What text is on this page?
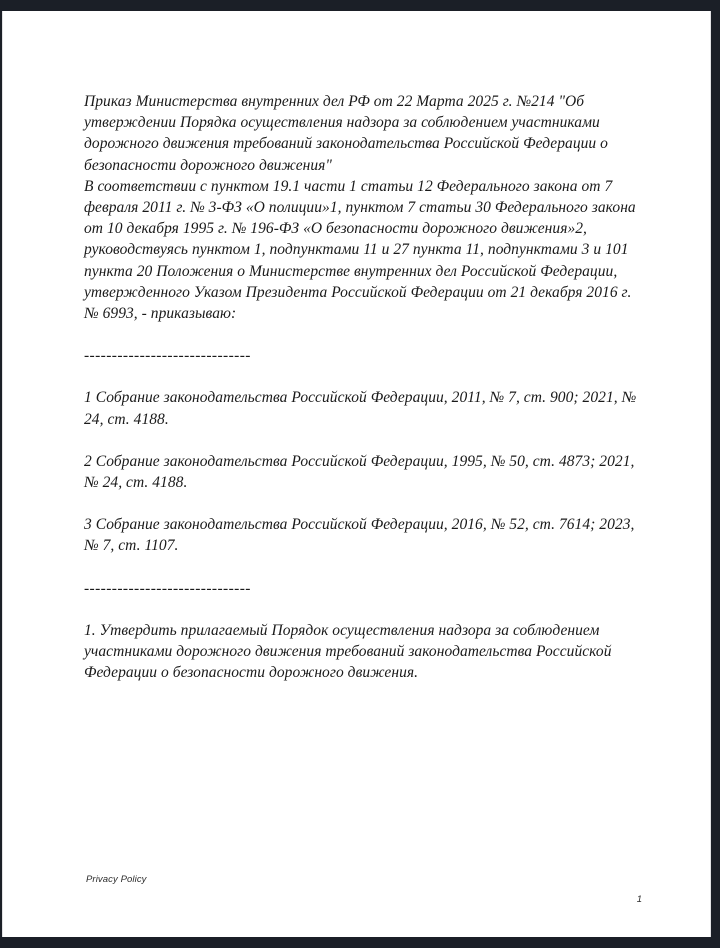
Приказ Министерства внутренних дел РФ от 22 Марта 2025 г. №214 "Об утверждении Порядка осуществления надзора за соблюдением участниками дорожного движения требований законодательства Российской Федерации о безопасности дорожного движения"

В соответствии с пунктом 19.1 части 1 статьи 12 Федерального закона от 7 февраля 2011 г. № 3-ФЗ «О полиции»1, пунктом 7 статьи 30 Федерального закона от 10 декабря 1995 г. № 196-ФЗ «О безопасности дорожного движения»2, руководствуясь пунктом 1, подпунктами 11 и 27 пункта 11, подпунктами 3 и 101 пункта 20 Положения о Министерстве внутренних дел Российской Федерации, утвержденного Указом Президента Российской Федерации от 21 декабря 2016 г. № 6993, - приказываю:

------------------------------

1 Собрание законодательства Российской Федерации, 2011, № 7, ст. 900; 2021, № 24, ст. 4188.

2 Собрание законодательства Российской Федерации, 1995, № 50, ст. 4873; 2021, № 24, ст. 4188.

3 Собрание законодательства Российской Федерации, 2016, № 52, ст. 7614; 2023, № 7, ст. 1107.

------------------------------

1. Утвердить прилагаемый Порядок осуществления надзора за соблюдением участниками дорожного движения требований законодательства Российской Федерации о безопасности дорожного движения.

Privacy Policy
1
